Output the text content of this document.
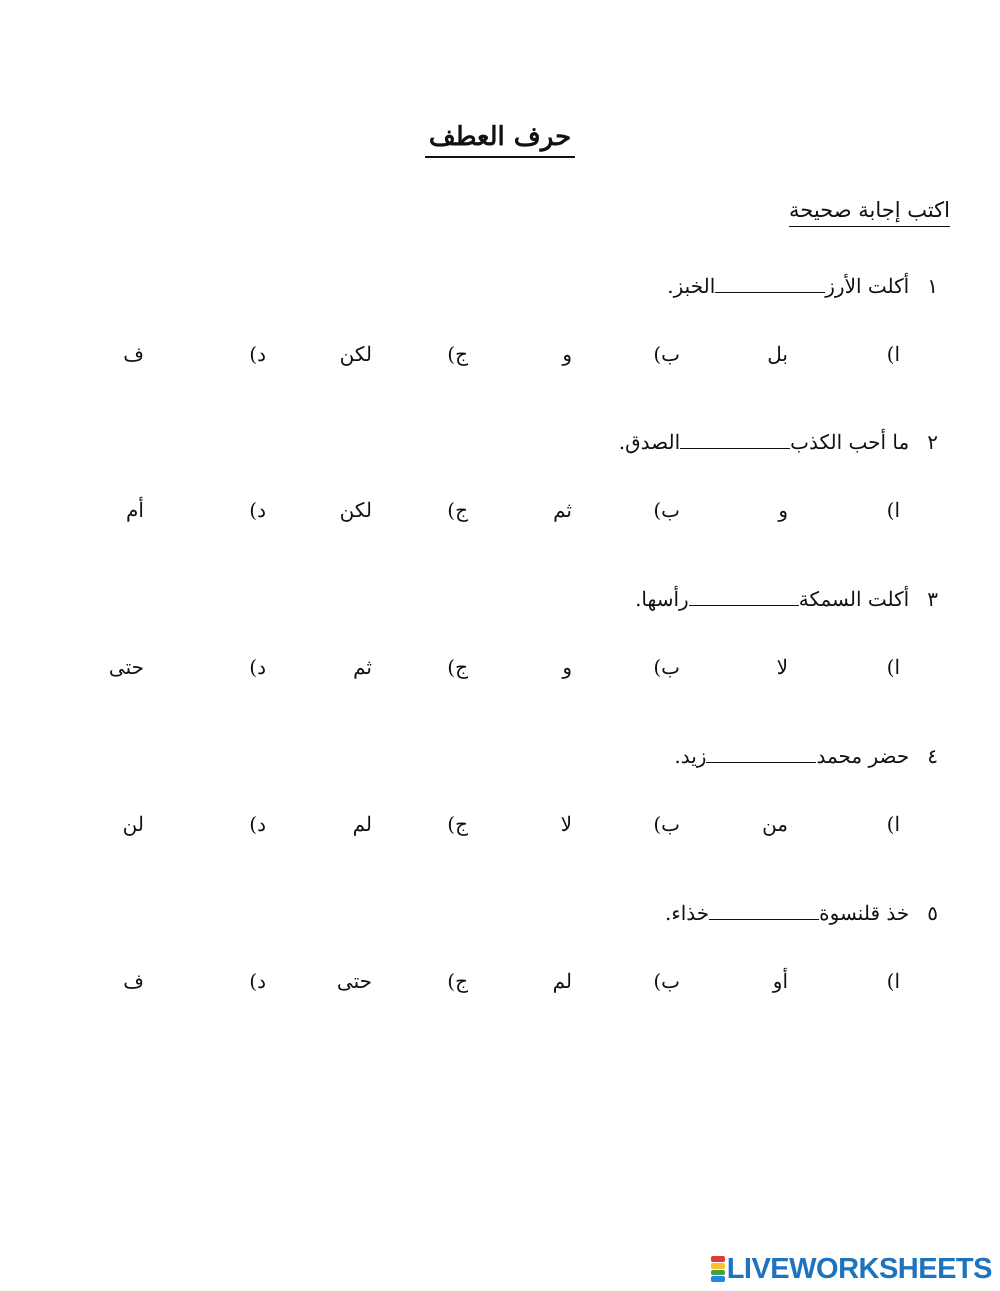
حرف العطف
اكتب إجابة صحيحة
١أكلت الأرزالخبز.
ا)
بل
ب)
و
ج)
لكن
د)
ف
٢ما أحب الكذبالصدق.
ا)
و
ب)
ثم
ج)
لكن
د)
أم
٣أكلت السمكةرأسها.
ا)
لا
ب)
و
ج)
ثم
د)
حتى
٤حضر محمدزيد.
ا)
من
ب)
لا
ج)
لم
د)
لن
٥خذ قلنسوةخذاء.
ا)
أو
ب)
لم
ج)
حتى
د)
ف
LIVEWORKSHEETS
